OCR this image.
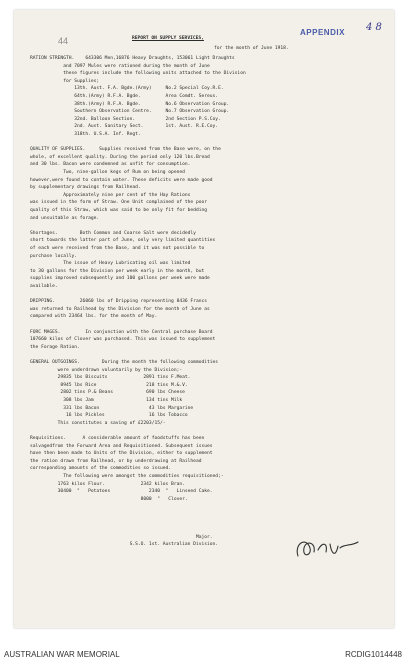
44
APPENDIX 4 8
REPORT ON SUPPLY SERVICES,
for the month of June 1918.
RATION STRENGTH.    643306 Men,16876 Heavy Draughts, 153061 Light Draughts
and 7097 Mules were rationed during the month of June
these figures include the following units attached to the Division
for Supplies;
13th. Aust. F.A. Bgde.(Army)     No.2 Special Coy.R.E.
64th.(Army) R.F.A. Bgde.         Area Comdt. Sereus.
38th.(Army) R.F.A. Bgde.         No.6 Observation Group.
Southern Observation Centre.     No.7 Observation Group.
32nd. Balloon Section.           2nd Section P.S.Coy.
2nd. Aust. Sanitary Sect.        1st. Aust. R.E.Coy.
318th. U.S.A. Inf. Regt.
QUALITY OF SUPPLIES.     Supplies received from the Base were, on the
whole, of excellent quality. During the period only 120 lbs.Bread
and 30 lbs. Bacon were condemned as unfit for consumption.
Two, nine-gallon kegs of Rum on being opened
however,were found to contain water. These deficits were made good
by supplementary drawings from Railhead.
Approximately nine per cent of the Hay Rations
was issued in the form of Straw. One Unit complained of the poor
quality of this Straw, which was said to be only fit for bedding
and unsuitable as forage.
Shortages.        Both Common and Coarse Salt were decidedly
short towards the latter part of June, only very limited quantities
of each were received from the Base, and it was not possible to
purchase locally.
The issue of Heavy Lubricating oil was limited
to 30 gallons for the Division per week early in the month, but
supplies improved subsequently and 100 gallons per week were made
available.
DRIPPING.         26060 lbs of Dripping representing 8436 Francs
was returned to Railhead by the Division for the month of June as
compared with 23464 lbs. for the month of May.
FORC MAGES.         In conjunction with the Central purchase Board
107660 kilos of Clover was purchased. This was issued to supplement
the Forage Ration.
GENERAL OUTGOINGS.        During the month the following commodities
were underdrawn voluntarily by the Division;-
29835 lbs Biscuits             2891 tins F.Meat.
8945 lbs Rice                  218 tins M.&.V.
2802 tins P.& Beans            690 lbs Cheese
308 lbs Jam                   134 tins Milk
331 lbs Bacon                  43 lbs Margarine
16 lbs Pickles                16 lbs Tobacco
This constitutes a saving of £2203/15/-
Requisitions.      A considerable amount of foodstuffs has been
salvagedfrom the Forward Area and Requisitioned. Subsequent issues
have then been made to Units of the Division, either to supplement
the ration drawn from Railhead, or by underdrawing at Railhead
corresponding amounts of the commodities so issued.
The following were amongst the commodities requisitioned;-
1763 kilos Flour.             2342 kilos Bran.
30400  "   Potatoes              2340  "   Linseed Cake.
8000  "   Clover.
Major.
S.S.O. 1st. Australian Division.
AUSTRALIAN WAR MEMORIAL	RCDIG1014448
